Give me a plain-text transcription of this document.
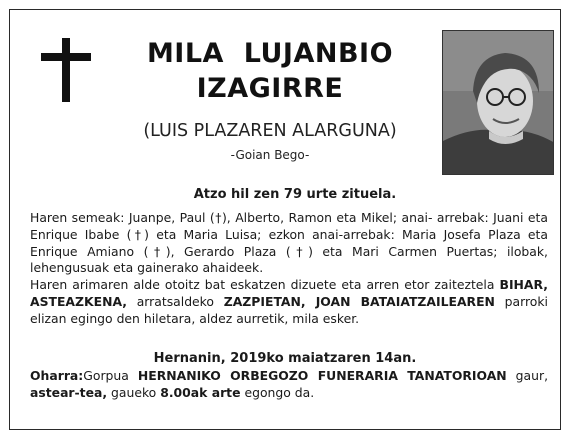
MILA  LUJANBIO
IZAGIRRE
(LUIS PLAZAREN ALARGUNA)
-Goian Bego-
Atzo hil zen 79 urte zituela.

Haren semeak: Juanpe, Paul (†), Alberto, Ramon eta Mikel; anai- arrebak: Juani eta Enrique Ibabe (†) eta Maria Luisa; ezkon anai-arrebak: Maria Josefa Plaza eta Enrique Amiano (†), Gerardo Plaza (†) eta Mari Carmen Puertas; ilobak, lehengusuak eta gainerako ahaideek.

Haren arimaren alde otoitz bat eskatzen dizuete eta arren etor zaiteztela BIHAR, ASTEAZKENA, arratsaldeko ZAZPIETAN, JOAN BATAIATZAILEAREN parroki elizan egingo den hiletara, aldez aurretik, mila esker.

Hernanin, 2019ko maiatzaren 14an.
Oharra:Gorpua HERNANIKO ORBEGOZO FUNERARIA TANATORIOAN gaur, astear-tea, gaueko 8.00ak arte egongo da.
